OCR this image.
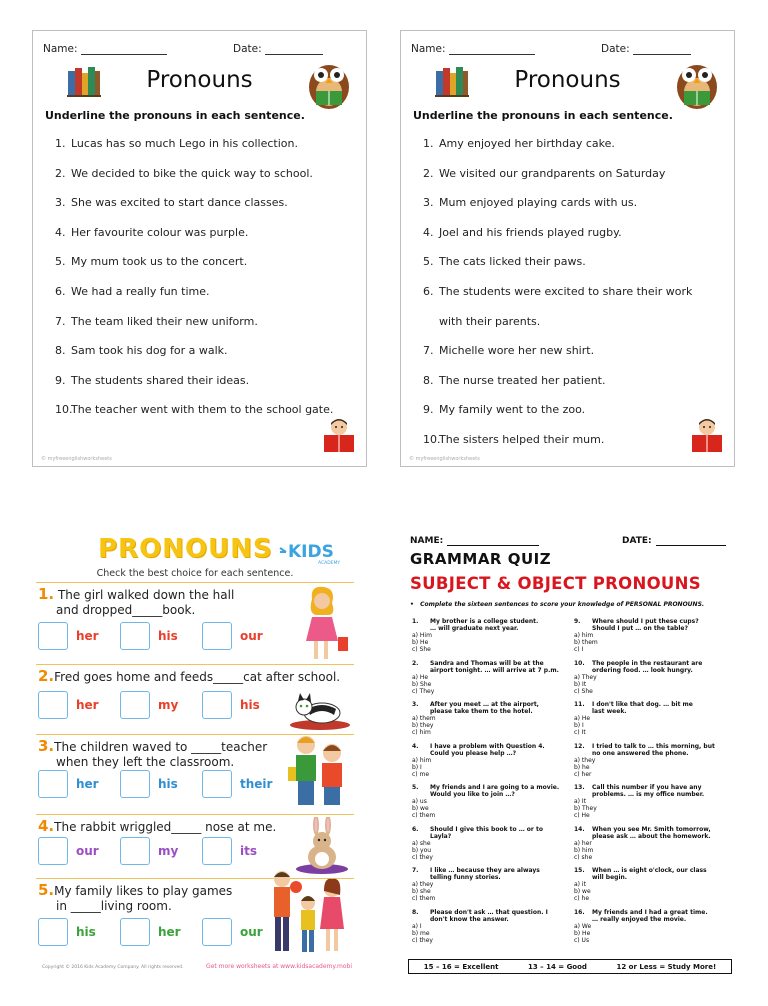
Name:	Date:
Pronouns
Underline the pronouns in each sentence.
1. Lucas has so much Lego in his collection.
2. We decided to bike the quick way to school.
3. She was excited to start dance classes.
4. Her favourite colour was purple.
5. My mum took us to the concert.
6. We had a really fun time.
7. The team liked their new uniform.
8. Sam took his dog for a walk.
9. The students shared their ideas.
10.
The teacher went with them to the school gate.
© myfreeenglishworksheets
Name:	Date:
Pronouns
Underline the pronouns in each sentence.
1. Amy enjoyed her birthday cake.
2. We visited our grandparents on Saturday
3. Mum enjoyed playing cards with us.
4. Joel and his friends played rugby.
5. The cats licked their paws.
6. The students were excited to share their work
with their parents.
7. Michelle wore her new shirt.
8. The nurse treated her patient.
9. My family went to the zoo.
10.
The sisters helped their mum.
© myfreeenglishworksheets
PRONOUNS KIDS
ACADEMY
Check the best choice for each sentence.
1. The girl walked down the hall
and dropped_____book.
her	his	our
2.Fred goes home and feeds_____cat after school.
her	my	his
3.The children waved to _____teacher
when they left the classroom.
her	his	their
4.The rabbit wriggled_____ nose at me.
our	my	its
5.My family likes to play games
in _____living room.
his	her	our
Copyright © 2016 Kids Academy Company. All rights reserved.	Get more worksheets at www.kidsacademy.mobi
NAME:	DATE:
GRAMMAR QUIZ
SUBJECT & OBJECT PRONOUNS
•   Complete the sixteen sentences to score your knowledge of PERSONAL PRONOUNS.
1.	My brother is a college student.
… will graduate next year.
a) Him
b) He
c) She
2.	Sandra and Thomas will be at the
airport tonight. … will arrive at 7 p.m.
a) He
b) She
c) They
3.	After you meet … at the airport,
please take them to the hotel.
a) them
b) they
c) him
4.	I have a problem with Question 4.
Could you please help …?
a) him
b) I
c) me
5.	My friends and I are going to a movie.
Would you like to join …?
a) us
b) we
c) them
6.	Should I give this book to … or to
Layla?
a) she
b) you
c) they
7.	I like … because they are always
telling funny stories.
a) they
b) she
c) them
8.	Please don't ask … that question. I
don't know the answer.
a) I
b) me
c) they
9.	Where should I put these cups?
Should I put … on the table?
a) him
b) them
c) I
10.	The people in the restaurant are
ordering food. … look hungry.
a) They
b) It
c) She
11.	I don't like that dog. … bit me
last week.
a) He
b) I
c) It
12.	I tried to talk to … this morning, but
no one answered the phone.
a) they
b) he
c) her
13.	Call this number if you have any
problems. … is my office number.
a) It
b) They
c) He
14.	When you see Mr. Smith tomorrow,
please ask … about the homework.
a) her
b) him
c) she
15.	When … is eight o'clock, our class
will begin.
a) it
b) we
c) he
16.	My friends and I had a great time.
… really enjoyed the movie.
a) We
b) He
c) Us
15 – 16 = Excellent	13 – 14 = Good	12 or Less = Study More!
